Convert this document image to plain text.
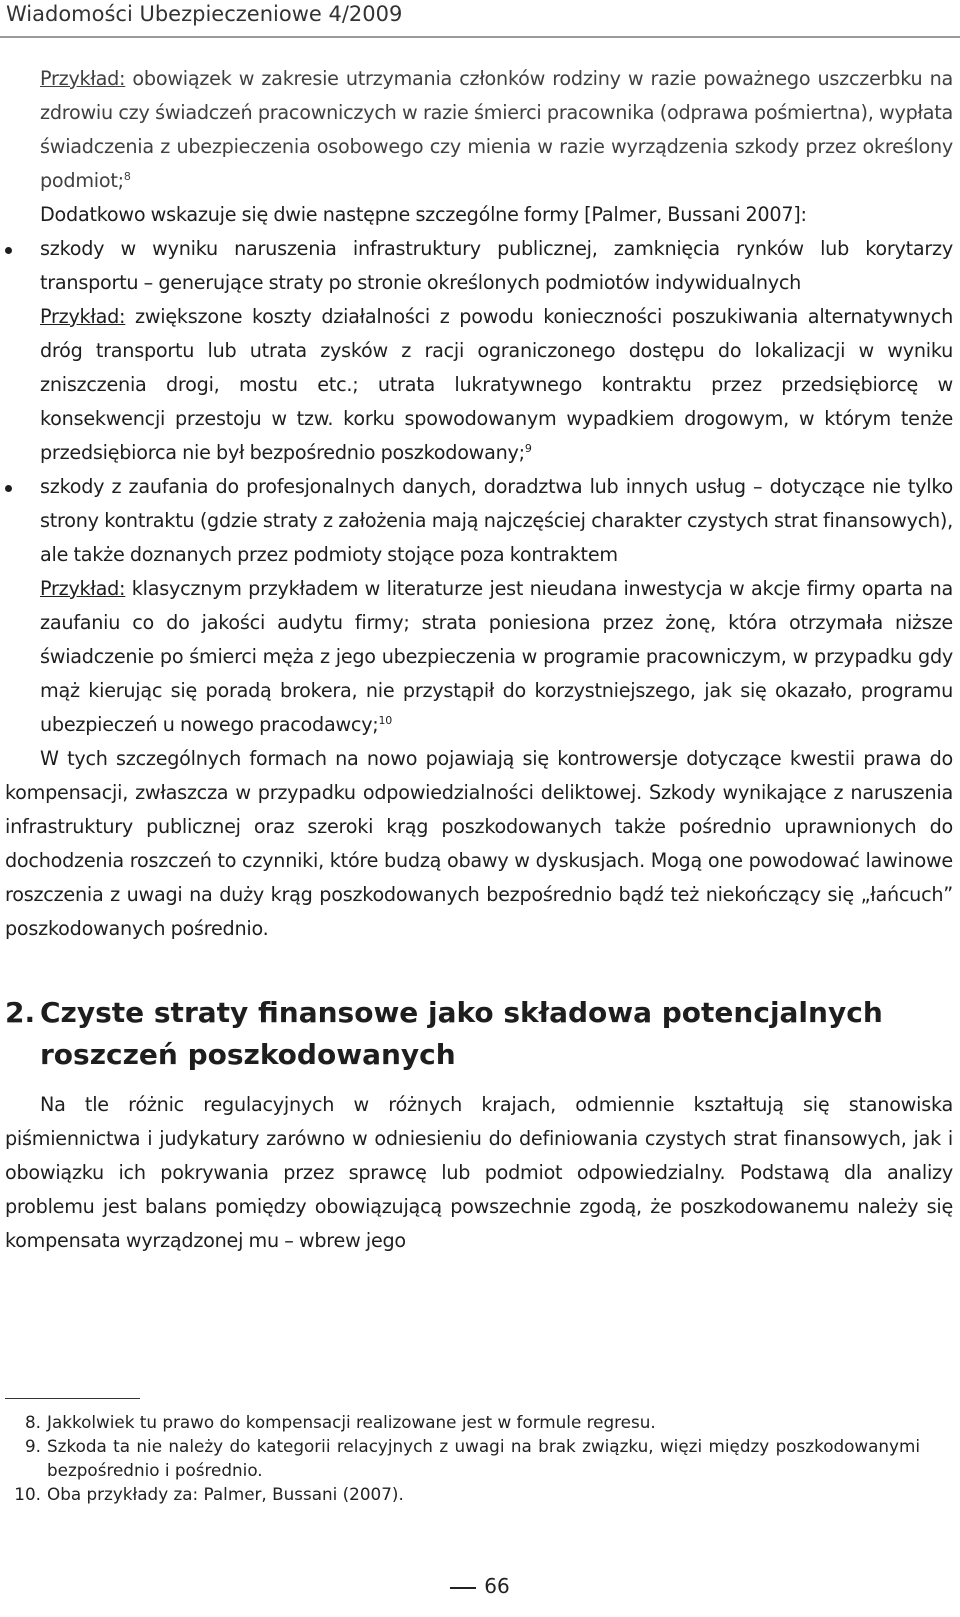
Wiadomości Ubezpieczeniowe 4/2009

Przykład: obowiązek w zakresie utrzymania członków rodziny w razie poważnego uszczerbku na zdrowiu czy świadczeń pracowniczych w razie śmierci pracownika (odprawa pośmiertna), wypłata świadczenia z ubezpieczenia osobowego czy mienia w razie wyrządzenia szkody przez określony podmiot;$^8$

Dodatkowo wskazuje się dwie następne szczególne formy [Palmer, Bussani 2007]:

szkody w wyniku naruszenia infrastruktury publicznej, zamknięcia rynków lub korytarzy transportu – generujące straty po stronie określonych podmiotów indywidualnych

Przykład: zwiększone koszty działalności z powodu konieczności poszukiwania alternatywnych dróg transportu lub utrata zysków z racji ograniczonego dostępu do lokalizacji w wyniku zniszczenia drogi, mostu etc.; utrata lukratywnego kontraktu przez przedsiębiorcę w konsekwencji przestoju w tzw. korku spowodowanym wypadkiem drogowym, w którym tenże przedsiębiorca nie był bezpośrednio poszkodowany;$^9$

szkody z zaufania do profesjonalnych danych, doradztwa lub innych usług – dotyczące nie tylko strony kontraktu (gdzie straty z założenia mają najczęściej charakter czystych strat finansowych), ale także doznanych przez podmioty stojące poza kontraktem

Przykład: klasycznym przykładem w literaturze jest nieudana inwestycja w akcje firmy oparta na zaufaniu co do jakości audytu firmy; strata poniesiona przez żonę, która otrzymała niższe świadczenie po śmierci męża z jego ubezpieczenia w programie pracowniczym, w przypadku gdy mąż kierując się poradą brokera, nie przystąpił do korzystniejszego, jak się okazało, programu ubezpieczeń u nowego pracodawcy;$^{10}$

W tych szczególnych formach na nowo pojawiają się kontrowersje dotyczące kwestii prawa do kompensacji, zwłaszcza w przypadku odpowiedzialności deliktowej. Szkody wynikające z naruszenia infrastruktury publicznej oraz szeroki krąg poszkodowanych także pośrednio uprawnionych do dochodzenia roszczeń to czynniki, które budzą obawy w dyskusjach. Mogą one powodować lawinowe roszczenia z uwagi na duży krąg poszkodowanych bezpośrednio bądź też niekończący się „łańcuch” poszkodowanych pośrednio.

2. Czyste straty finansowe jako składowa potencjalnych roszczeń poszkodowanych

Na tle różnic regulacyjnych w różnych krajach, odmiennie kształtują się stanowiska piśmiennictwa i judykatury zarówno w odniesieniu do definiowania czystych strat finansowych, jak i obowiązku ich pokrywania przez sprawcę lub podmiot odpowiedzialny. Podstawą dla analizy problemu jest balans pomiędzy obowiązującą powszechnie zgodą, że poszkodowanemu należy się kompensata wyrządzonej mu – wbrew jego

8. Jakkolwiek tu prawo do kompensacji realizowane jest w formule regresu.

9. Szkoda ta nie należy do kategorii relacyjnych z uwagi na brak związku, więzi między poszkodowanymi bezpośrednio i pośrednio.

10. Oba przykłady za: Palmer, Bussani (2007).

66
